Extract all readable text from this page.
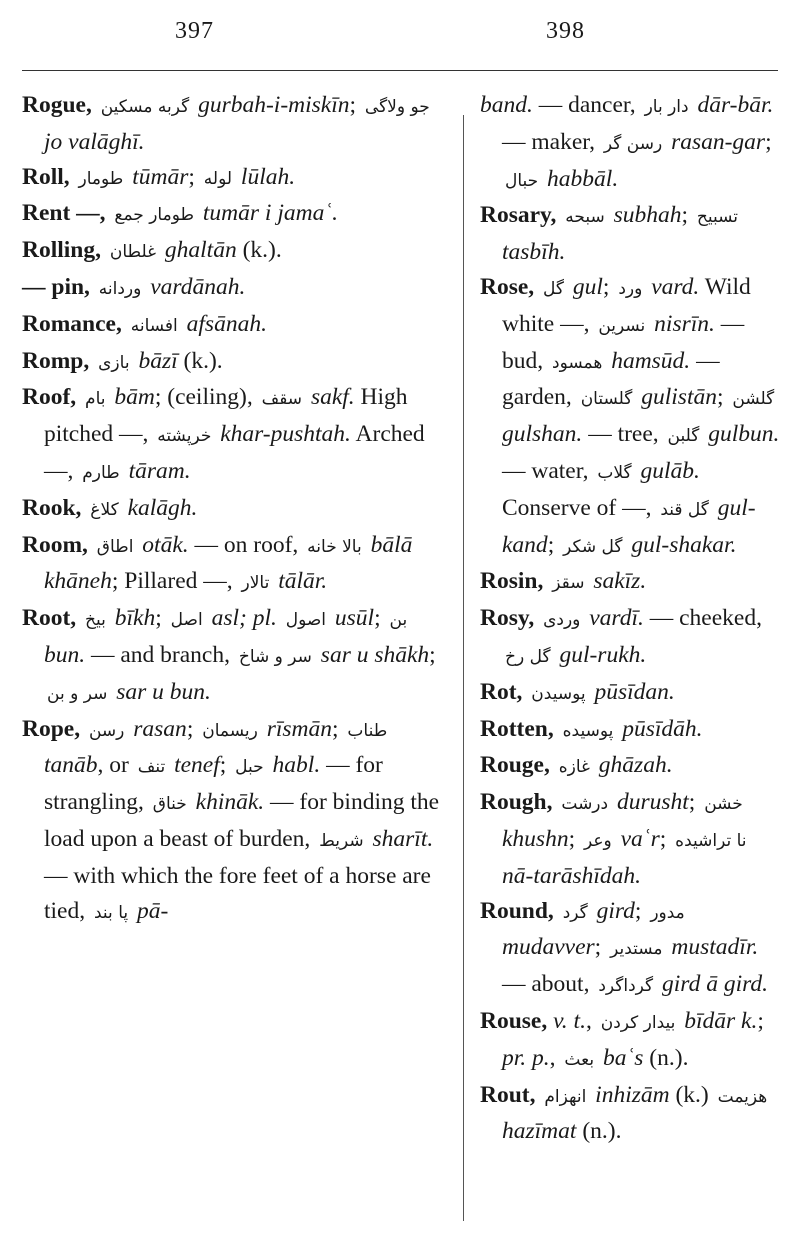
397	398

Rogue, گربه مسکین gurbah-i-miskīn; جو ولاگی jo valāghī.

Roll, طومار tūmār; لوله lūlah.

Rent —, طومار جمع tumār i jamaʿ.

Rolling, غلطان ghaltān (k.).

— pin, وردانه vardānah.

Romance, افسانه afsānah.

Romp, بازی bāzī (k.).

Roof, بام bām; (ceiling), سقف sakf. High pitched —, خرپشته khar-pushtah. Arched —, طارم tāram.

Rook, کلاغ kalāgh.

Room, اطاق otāk. — on roof, بالا خانه bālā khāneh; Pillared —, تالار tālār.

Root, بیخ bīkh; اصل asl; pl. اصول usūl; بن bun. — and branch, سر و شاخ sar u shākh; سر و بن sar u bun.

Rope, رسن rasan; ریسمان rīsmān; طناب tanāb, or تنف tenef; حبل habl. — for strangling, خناق khināk. — for binding the load upon a beast of burden, شریط sharīt. — with which the fore feet of a horse are tied, پا بند pā-

band. — dancer, دار بار dār-bār. — maker, رسن گر rasan-gar; حبال habbāl.

Rosary, سبحه subhah; تسبیح tasbīh.

Rose, گل gul; ورد vard. Wild white —, نسرین nisrīn. — bud, همسود hamsūd. — garden, گلستان gulistān; گلشن gulshan. — tree, گلبن gulbun. — water, گلاب gulāb. Conserve of —, گل قند gul-kand; گل شکر gul-shakar.

Rosin, سقز sakīz.

Rosy, وردی vardī. — cheeked, گل رخ gul-rukh.

Rot, پوسیدن pūsīdan.

Rotten, پوسیده pūsīdāh.

Rouge, غازه ghāzah.

Rough, درشت durusht; خشن khushn; وعر vaʿr; نا تراشیده nā-tarāshīdah.

Round, گرد gird; مدور mudavver; مستدیر mustadīr. — about, گرداگرد gird ā gird.

Rouse, v. t., بیدار کردن bīdār k.; pr. p., بعث baʿs (n.).

Rout, انهزام inhizām (k.) هزیمت hazīmat (n.).
